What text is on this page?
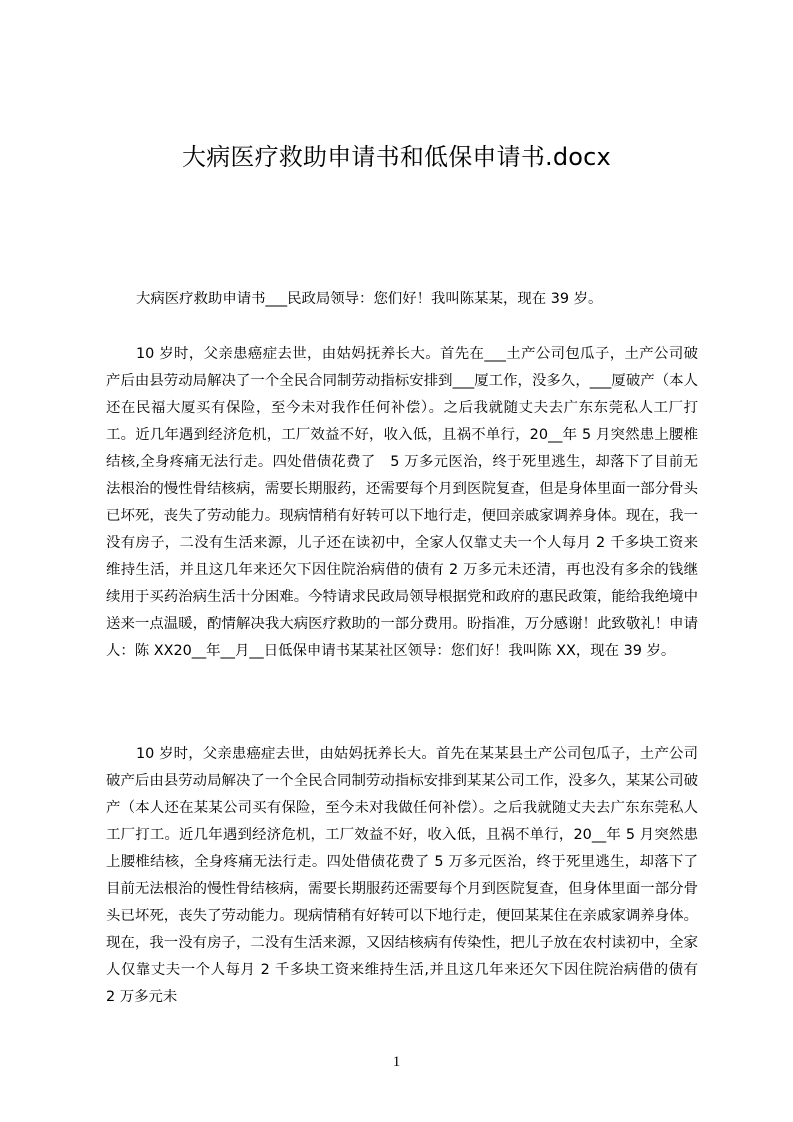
大病医疗救助申请书和低保申请书.docx

大病医疗救助申请书___民政局领导：您们好！我叫陈某某，现在 39 岁。

10 岁时，父亲患癌症去世，由姑妈抚养长大。首先在___土产公司包瓜子，土产公司破产后由县劳动局解决了一个全民合同制劳动指标安排到___厦工作，没多久，___厦破产（本人还在民福大厦买有保险，至今未对我作任何补偿）。之后我就随丈夫去广东东莞私人工厂打工。近几年遇到经济危机，工厂效益不好，收入低，且祸不单行，20__年 5 月突然患上腰椎结核,全身疼痛无法行走。四处借债花费了　5 万多元医治，终于死里逃生，却落下了目前无法根治的慢性骨结核病，需要长期服药，还需要每个月到医院复查，但是身体里面一部分骨头已坏死，丧失了劳动能力。现病情稍有好转可以下地行走，便回亲戚家调养身体。现在，我一没有房子，二没有生活来源，儿子还在读初中，全家人仅靠丈夫一个人每月 2 千多块工资来维持生活，并且这几年来还欠下因住院治病借的债有 2 万多元未还清，再也没有多余的钱继续用于买药治病生活十分困难。今特请求民政局领导根据党和政府的惠民政策，能给我绝境中送来一点温暖，酌情解决我大病医疗救助的一部分费用。盼指准，万分感谢！此致敬礼！申请人：陈 XX20__年__月__日低保申请书某某社区领导：您们好！我叫陈 XX，现在 39 岁。

10 岁时，父亲患癌症去世，由姑妈抚养长大。首先在某某县土产公司包瓜子，土产公司破产后由县劳动局解决了一个全民合同制劳动指标安排到某某公司工作，没多久，某某公司破产（本人还在某某公司买有保险，至今未对我做任何补偿）。之后我就随丈夫去广东东莞私人工厂打工。近几年遇到经济危机，工厂效益不好，收入低，且祸不单行，20__年 5 月突然患上腰椎结核，全身疼痛无法行走。四处借债花费了 5 万多元医治，终于死里逃生，却落下了目前无法根治的慢性骨结核病，需要长期服药还需要每个月到医院复查，但身体里面一部分骨头已坏死，丧失了劳动能力。现病情稍有好转可以下地行走，便回某某住在亲戚家调养身体。现在，我一没有房子，二没有生活来源，又因结核病有传染性，把儿子放在农村读初中，全家人仅靠丈夫一个人每月 2 千多块工资来维持生活,并且这几年来还欠下因住院治病借的债有　2 万多元未

1
